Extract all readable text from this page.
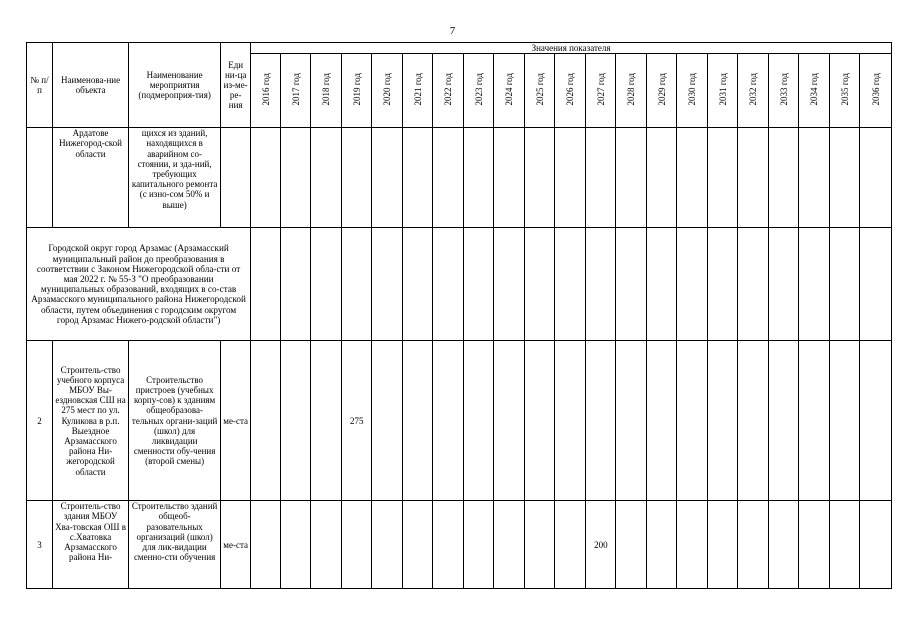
7
№ п/п	Наименова-ние объекта	Наименование мероприятия (подмероприя-тия)	Еди ни-ца из-ме-ре-ния	Значения показателя																				
				2016 год	2017 год	2018 год	2019 год	2020 год	2021 год	2022 год	2023 год	2024 год	2025 год	2026 год	2027 год	2028 год	2029 год	2030 год	2031 год	2032 год	2033 год	2034 год	2035 год	2036 год

	Ардатове Нижегород-ской области	щихся из зданий, находящихся в аварийном со-стоянии, и зда-ний, требующих капитального ремонта (с изно-сом 50% и выше)																						

Городской округ город Арзамас (Арзамасский муниципальный район до преобразования в соответствии с Законом Нижегородской обла-сти от мая 2022 г. № 55-З "О преобразовании муниципальных образований, входящих в со-став Арзамасского муниципального района Нижегородской области, путем объединения с городским округом город Арзамас Нижего-родской области")																								

2	Строитель-ство учебного корпуса МБОУ Вы-ездновская СШ на 275 мест по ул. Куликова в р.п. Выездное Арзамасского района Ни-жегородской области	Строительство пристроев (учебных корпу-сов) к зданиям общеобразова-тельных органи-заций (школ) для ликвидации сменности обу-чения (второй смены)	ме-ста				275																	
3	Строитель-ство здания МБОУ Хва-товская ОШ в с.Хватовка Арзамасского района Ни-	Строительство зданий общеоб-разовательных организаций (школ) для лик-видации сменно-сти обучения	ме-ста												200									
